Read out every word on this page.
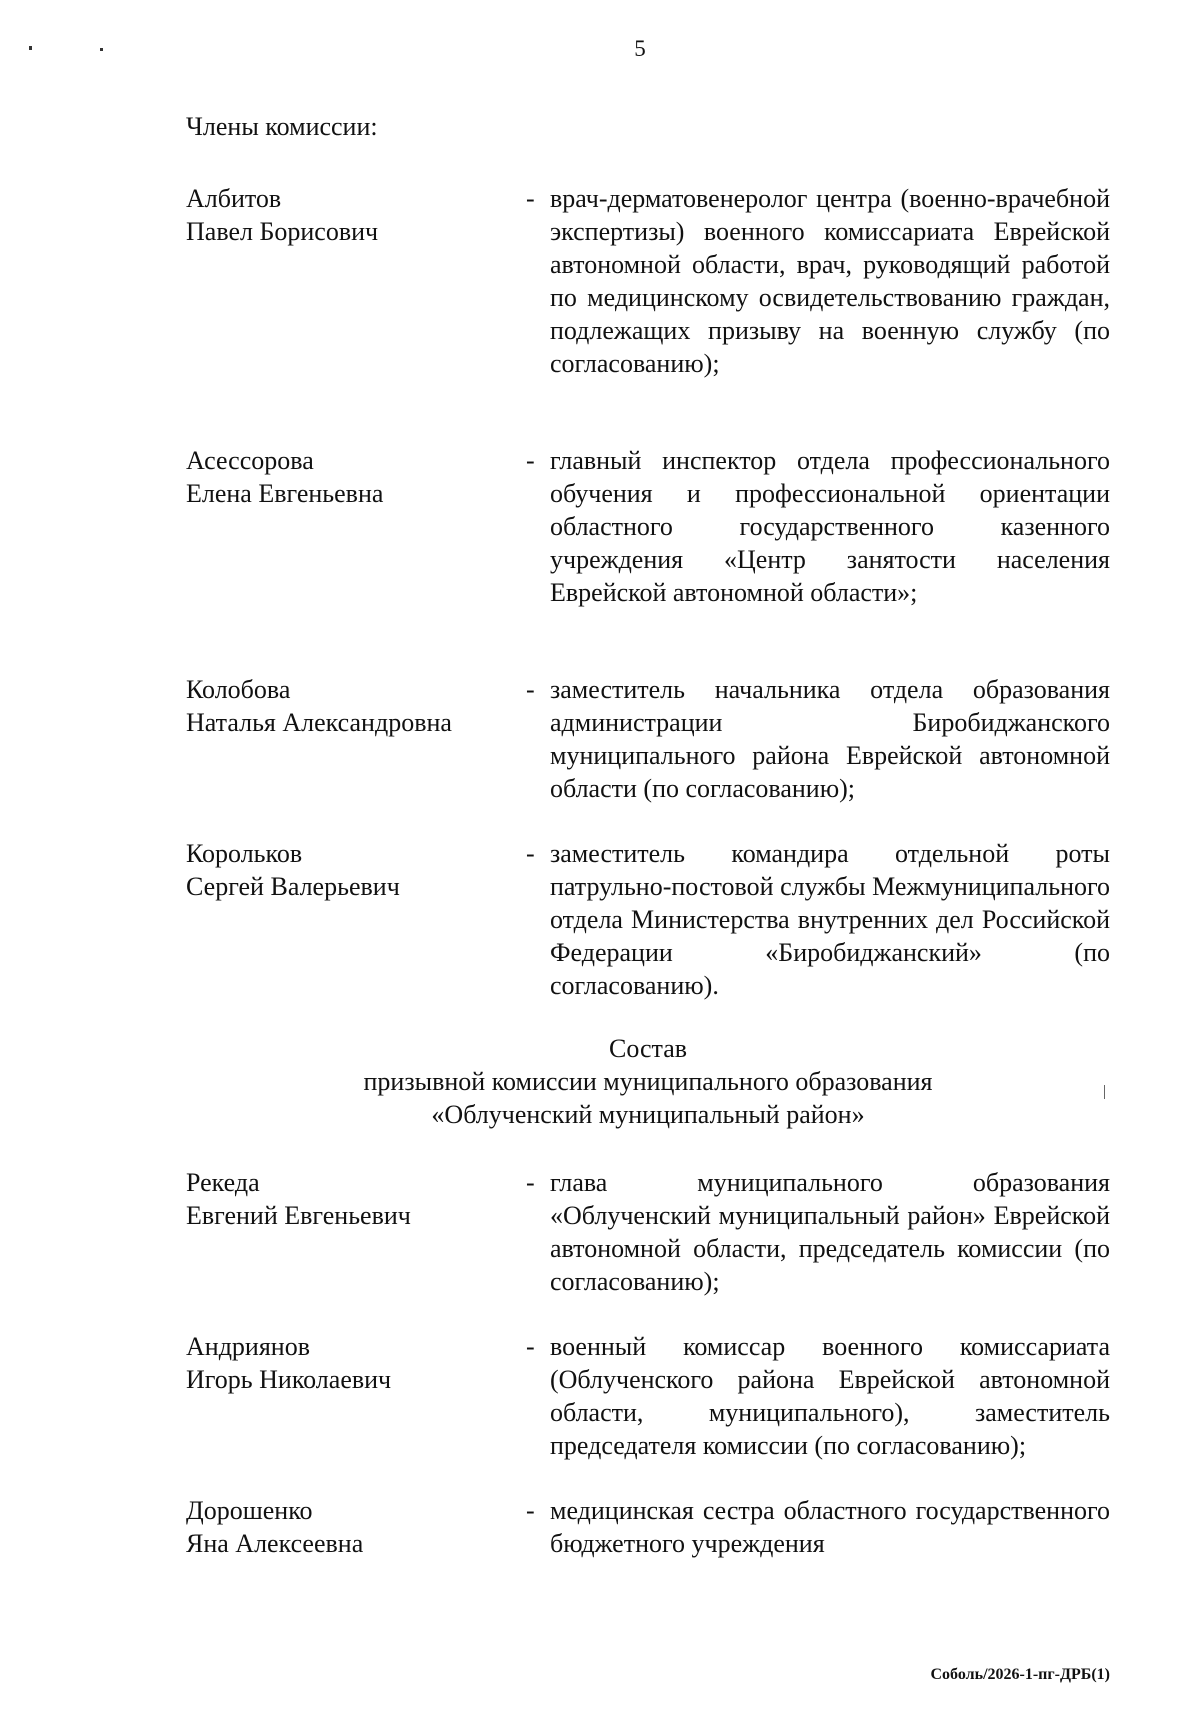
5
Члены комиссии:
Албитов
Павел Борисович
- врач-дерматовенеролог центра (военно-врачебной экспертизы) военного комиссариата Еврейской автономной области, врач, руководящий работой по медицинскому освидетельствованию граждан, подлежащих призыву на военную службу (по согласованию);
Асессорова
Елена Евгеньевна
- главный инспектор отдела профессионального обучения и профессиональной ориентации областного государственного казенного учреждения «Центр занятости населения Еврейской автономной области»;
Колобова
Наталья Александровна
- заместитель начальника отдела образования администрации Биробиджанского муниципального района Еврейской автономной области (по согласованию);
Корольков
Сергей Валерьевич
- заместитель командира отдельной роты патрульно-постовой службы Межмуниципального отдела Министерства внутренних дел Российской Федерации «Биробиджанский» (по согласованию).
Состав
призывной комиссии муниципального образования
«Облученский муниципальный район»
Рекеда
Евгений Евгеньевич
- глава муниципального образования «Облученский муниципальный район» Еврейской автономной области, председатель комиссии (по согласованию);
Андриянов
Игорь Николаевич
- военный комиссар военного комиссариата (Облученского района Еврейской автономной области, муниципального), заместитель председателя комиссии (по согласованию);
Дорошенко
Яна Алексеевна
- медицинская сестра областного государственного бюджетного учреждения
Соболь/2026-1-пг-ДРБ(1)
